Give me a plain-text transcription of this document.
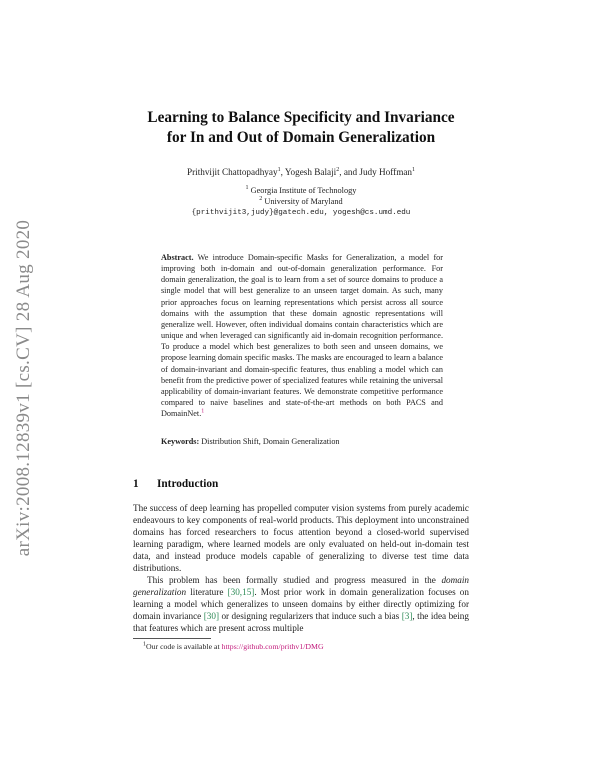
arXiv:2008.12839v1 [cs.CV] 28 Aug 2020
Learning to Balance Specificity and Invariance
for In and Out of Domain Generalization
Prithvijit Chattopadhyay$^1$, Yogesh Balaji$^2$, and Judy Hoffman$^1$
$^1$ Georgia Institute of Technology
$^2$ University of Maryland
{prithvijit3,judy}@gatech.edu, yogesh@cs.umd.edu
Abstract. We introduce Domain-specific Masks for Generalization, a model for improving both in-domain and out-of-domain generalization performance. For domain generalization, the goal is to learn from a set of source domains to produce a single model that will best generalize to an unseen target domain. As such, many prior approaches focus on learning representations which persist across all source domains with the assumption that these domain agnostic representations will generalize well. However, often individual domains contain characteristics which are unique and when leveraged can significantly aid in-domain recognition performance. To produce a model which best generalizes to both seen and unseen domains, we propose learning domain specific masks. The masks are encouraged to learn a balance of domain-invariant and domain-specific features, thus enabling a model which can benefit from the predictive power of specialized features while retaining the universal applicability of domain-invariant features. We demonstrate competitive performance compared to naive baselines and state-of-the-art methods on both PACS and DomainNet.$^1$
Keywords: Distribution Shift, Domain Generalization
1 Introduction

The success of deep learning has propelled computer vision systems from purely academic endeavours to key components of real-world products. This deployment into unconstrained domains has forced researchers to focus attention beyond a closed-world supervised learning paradigm, where learned models are only evaluated on held-out in-domain test data, and instead produce models capable of generalizing to diverse test time data distributions.

This problem has been formally studied and progress measured in the domain generalization literature [30,15]. Most prior work in domain generalization focuses on learning a model which generalizes to unseen domains by either directly optimizing for domain invariance [30] or designing regularizers that induce such a bias [3], the idea being that features which are present across multiple

$^1$Our code is available at https://github.com/prithv1/DMG
